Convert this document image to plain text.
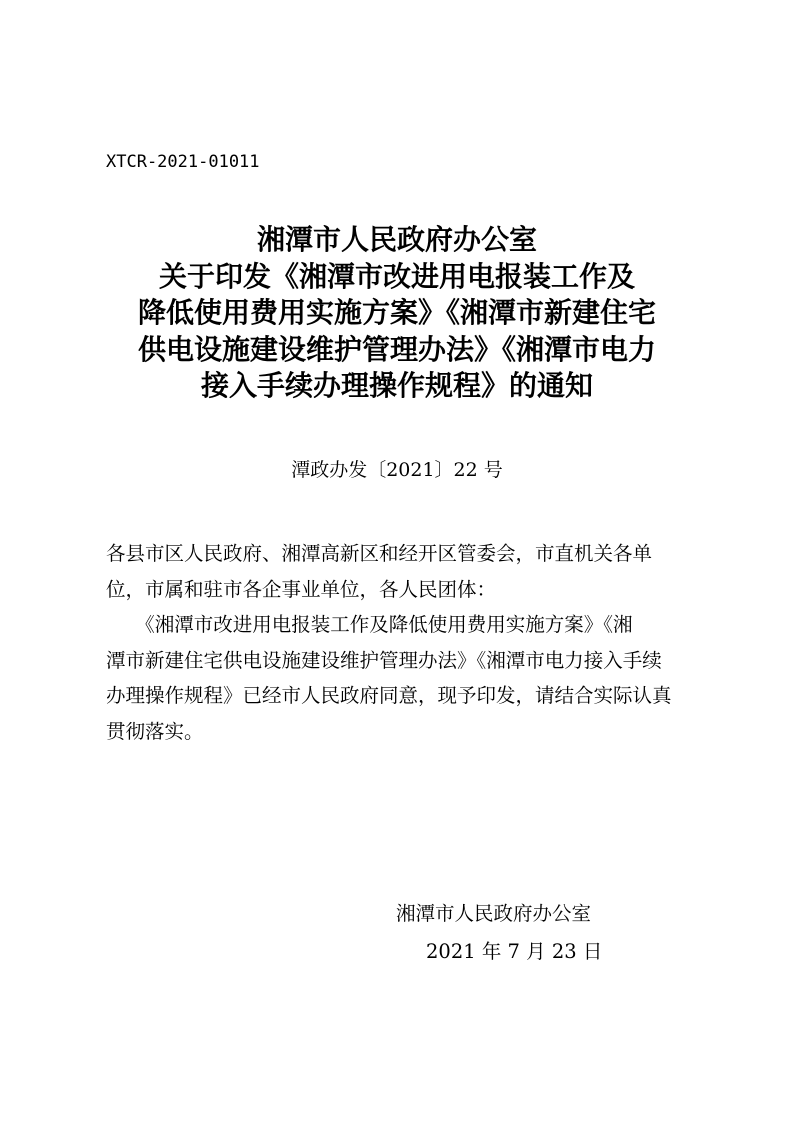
XTCR-2021-01011
湘潭市人民政府办公室
关于印发《湘潭市改进用电报装工作及
降低使用费用实施方案》《湘潭市新建住宅
供电设施建设维护管理办法》《湘潭市电力
接入手续办理操作规程》的通知
潭政办发〔2021〕22 号
各县市区人民政府、湘潭高新区和经开区管委会，市直机关各单
位，市属和驻市各企事业单位，各人民团体：
　　《湘潭市改进用电报装工作及降低使用费用实施方案》《湘
潭市新建住宅供电设施建设维护管理办法》《湘潭市电力接入手续
办理操作规程》已经市人民政府同意，现予印发，请结合实际认真
贯彻落实。
湘潭市人民政府办公室
2021 年 7 月 23 日
